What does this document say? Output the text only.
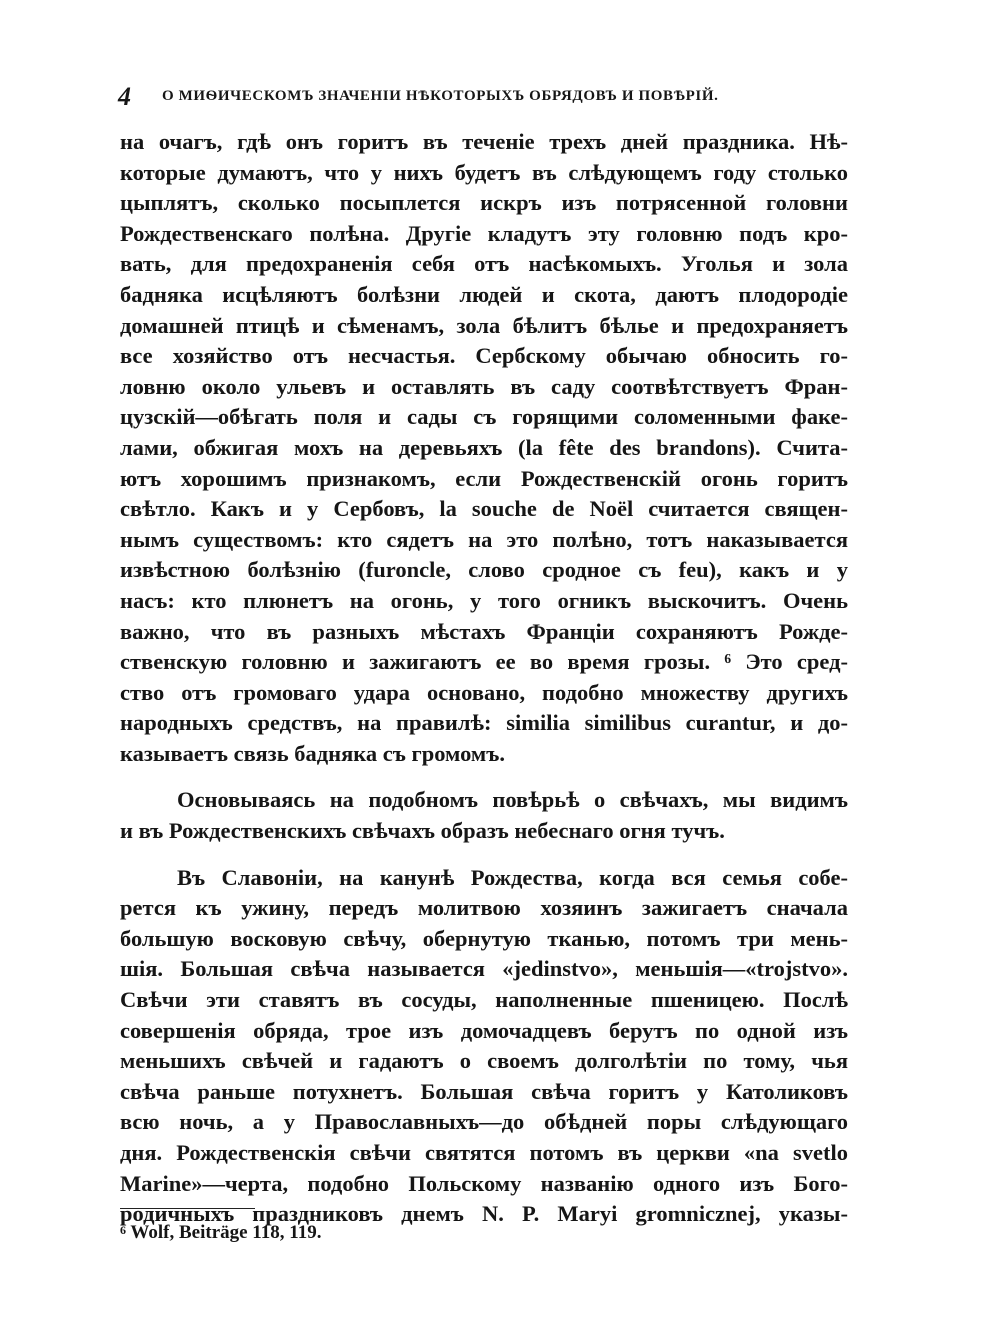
4 О МИѲИЧЕСКОМЪ ЗНАЧЕНІИ НѢКОТОРЫХЪ ОБРЯДОВЪ И ПОВѢРІЙ.
на очагъ, гдѣ онъ горитъ въ теченіе трехъ дней праздника. Нѣ-
которые думаютъ, что у нихъ будетъ въ слѣдующемъ году столько
цыплятъ, сколько посыплется искръ изъ потрясенной головни
Рождественскаго полѣна. Другіе кладутъ эту головню подъ кро-
вать, для предохраненія себя отъ насѣкомыхъ. Уголья и зола
бадняка исцѣляютъ болѣзни людей и скота, даютъ плодородіе
домашней птицѣ и сѣменамъ, зола бѣлитъ бѣлье и предохраняетъ
все хозяйство отъ несчастья. Сербскому обычаю обносить го-
ловню около ульевъ и оставлять въ саду соотвѣтствуетъ Фран-
цузскій—обѣгать поля и сады съ горящими соломенными факе-
лами, обжигая мохъ на деревьяхъ (la fête des brandons). Счита-
ютъ хорошимъ признакомъ, если Рождественскій огонь горитъ
свѣтло. Какъ и у Сербовъ, la souche de Noël считается священ-
нымъ существомъ: кто сядетъ на это полѣно, тотъ наказывается
извѣстною болѣзнію (furoncle, слово сродное съ feu), какъ и у
насъ: кто плюнетъ на огонь, у того огникъ выскочитъ. Очень
важно, что въ разныхъ мѣстахъ Франціи сохраняютъ Рожде-
ственскую головню и зажигаютъ ее во время грозы. ⁶ Это сред-
ство отъ громоваго удара основано, подобно множеству другихъ
народныхъ средствъ, на правилѣ: similia similibus curantur, и до-
казываетъ связь бадняка съ громомъ.
Основываясь на подобномъ повѣрьѣ о свѣчахъ, мы видимъ
и въ Рождественскихъ свѣчахъ образъ небеснаго огня тучъ.
Въ Славоніи, на канунѣ Рождества, когда вся семья собе-
рется къ ужину, передъ молитвою хозяинъ зажигаетъ сначала
большую восковую свѣчу, обернутую тканью, потомъ три мень-
шія. Большая свѣча называется «jedinstvo», меньшія—«trojstvo».
Свѣчи эти ставятъ въ сосуды, наполненные пшеницею. Послѣ
совершенія обряда, трое изъ домочадцевъ берутъ по одной изъ
меньшихъ свѣчей и гадаютъ о своемъ долголѣтіи по тому, чья
свѣча раньше потухнетъ. Большая свѣча горитъ у Католиковъ
всю ночь, а у Православныхъ—до обѣдней поры слѣдующаго
дня. Рождественскія свѣчи святятся потомъ въ церкви «na svetlo
Marine»—черта, подобно Польскому названію одного изъ Бого-
родичныхъ праздниковъ днемъ N. P. Maryi gromnicznej, указы-
$^6$ Wolf, Beiträge 118, 119.
